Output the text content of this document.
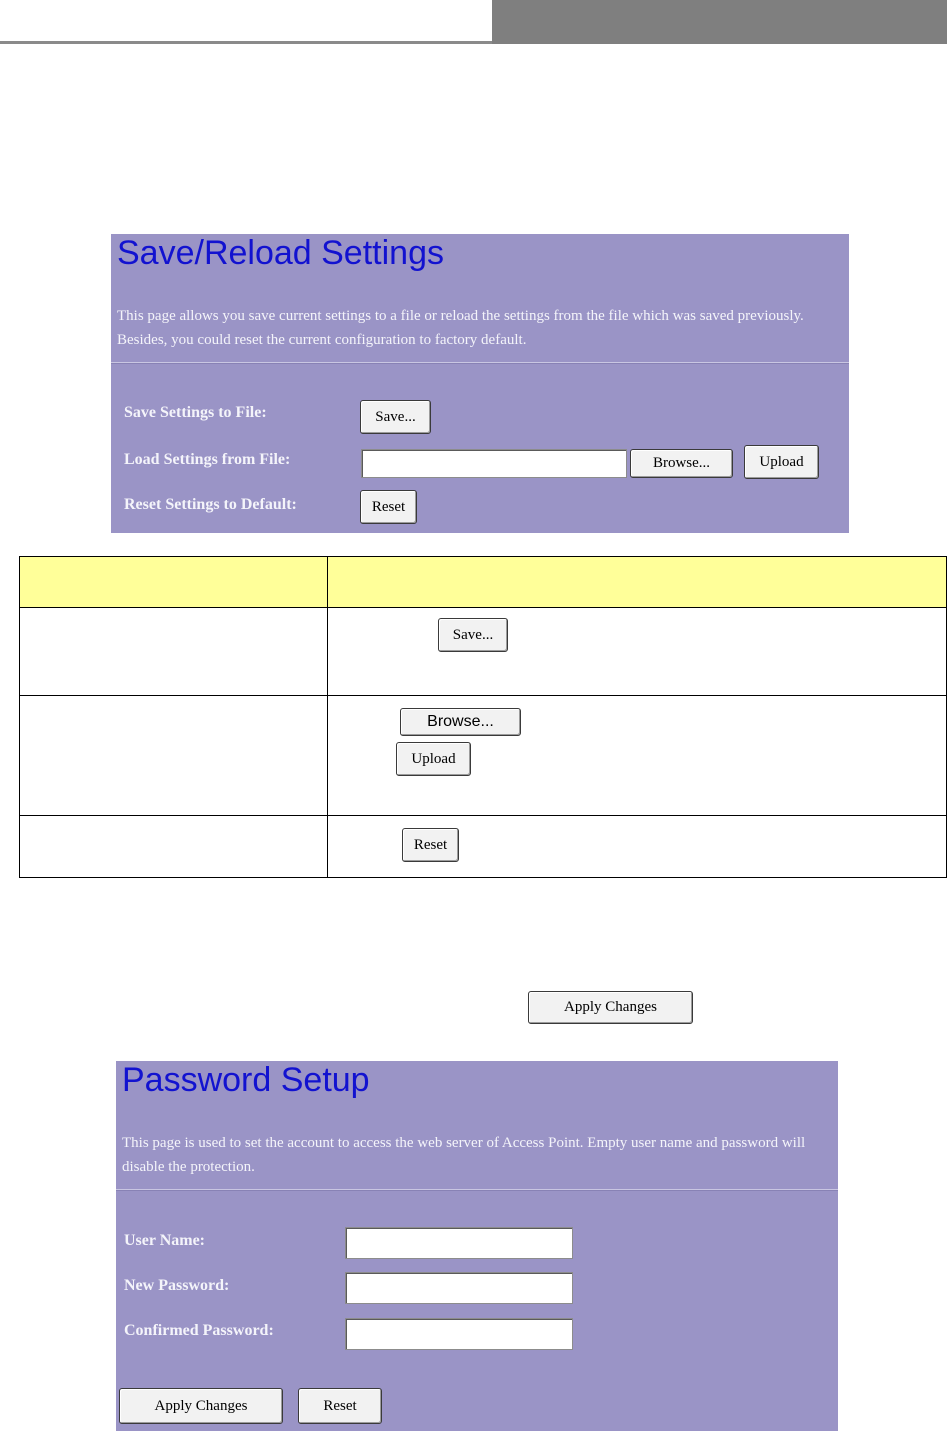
Save/Reload Settings
This page allows you save current settings to a file or reload the settings from the file which was saved previously. Besides, you could reset the current configuration to factory default.
Save Settings to File:	Save...
Load Settings from File:	Browse...	Upload
Reset Settings to Default:	Reset

Save...

Browse...
Upload

Reset
Apply Changes
Password Setup
This page is used to set the account to access the web server of Access Point. Empty user name and password will disable the protection.
User Name:
New Password:
Confirmed Password:
Apply Changes	Reset
